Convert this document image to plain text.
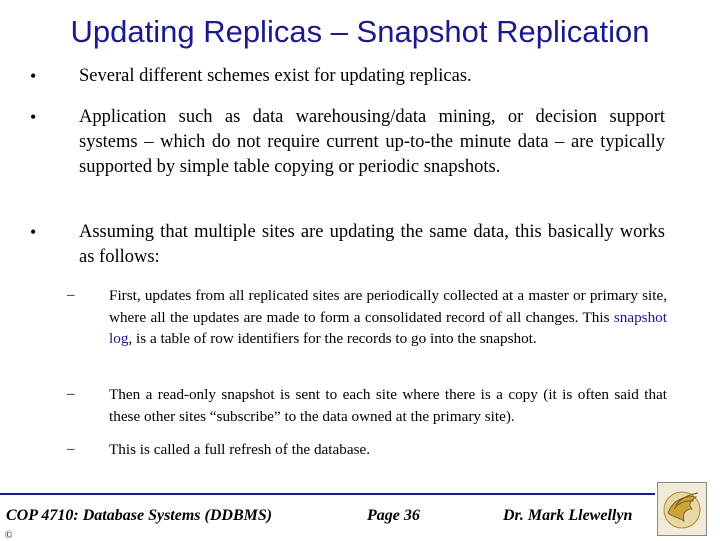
Updating Replicas – Snapshot Replication
• Several different schemes exist for updating replicas.
• Application such as data warehousing/data mining, or decision support systems – which do not require current up-to-the minute data – are typically supported by simple table copying or periodic snapshots.
• Assuming that multiple sites are updating the same data, this basically works as follows:
– First, updates from all replicated sites are periodically collected at a master or primary site, where all the updates are made to form a consolidated record of all changes. This snapshot log, is a table of row identifiers for the records to go into the snapshot.
– Then a read-only snapshot is sent to each site where there is a copy (it is often said that these other sites “subscribe” to the data owned at the primary site).
– This is called a full refresh of the database.
COP 4710: Database Systems (DDBMS)	Page 36	Dr. Mark Llewellyn
©
